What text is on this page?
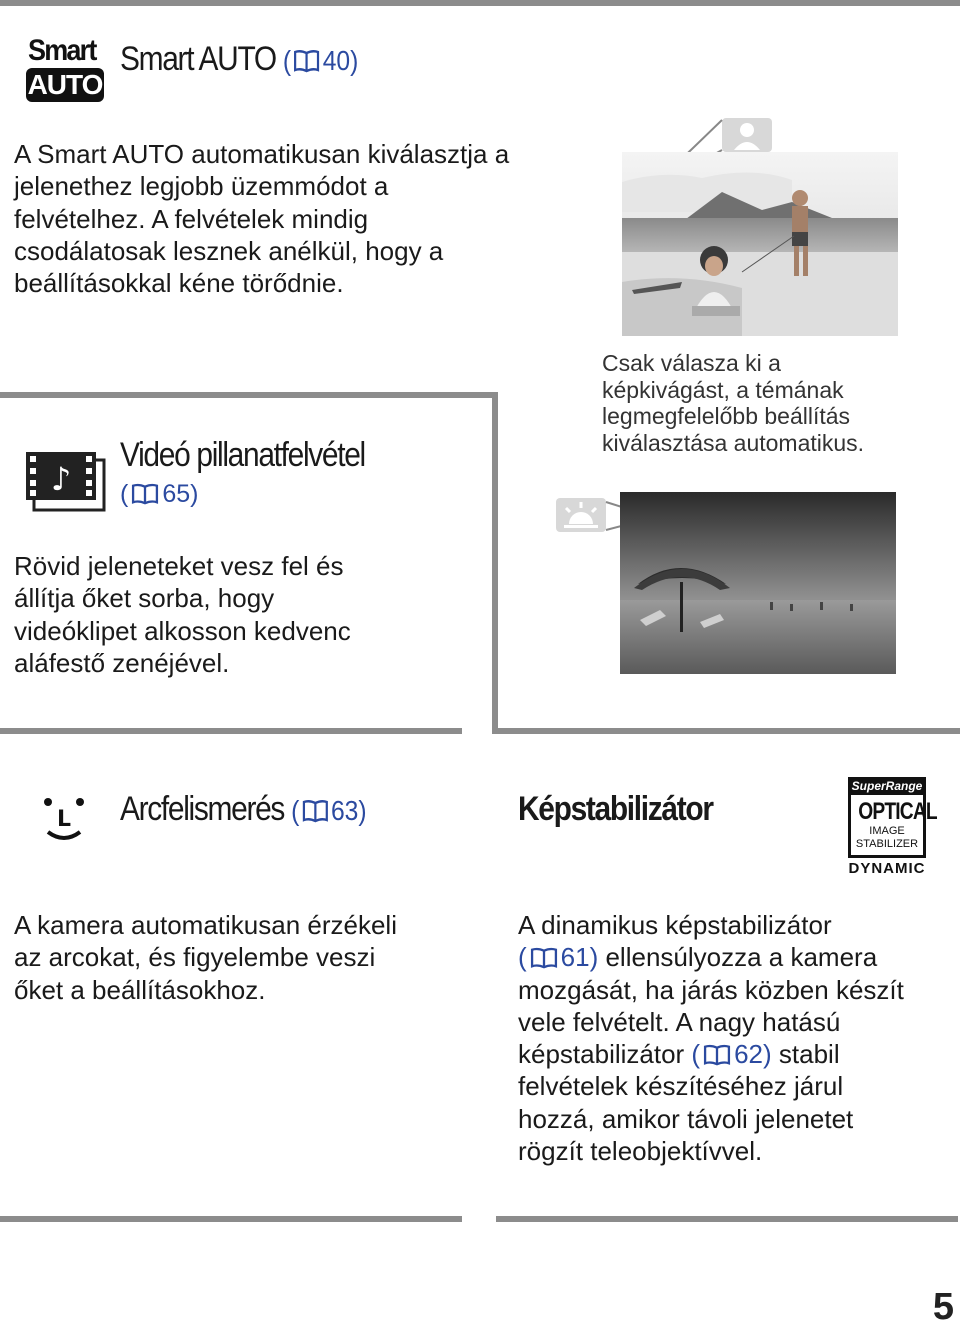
Smart
AUTO
Smart AUTO ( 40)
A Smart AUTO automatikusan kiválasztja a
jelenethez legjobb üzemmódot a
felvételhez. A felvételek mindig
csodálatosak lesznek anélkül, hogy a
beállításokkal kéne törődnie.
Csak válasza ki a
képkivágást, a témának
legmegfelelőbb beállítás
kiválasztása automatikus.
♪
Videó pillanatfelvétel
( 65)
Rövid jeleneteket vesz fel és
állítja őket sorba, hogy
videóklipet alkosson kedvenc
aláfestő zenéjével.
L Arcfelismerés ( 63)
A kamera automatikusan érzékeli
az arcokat, és figyelembe veszi
őket a beállításokhoz.
Képstabilizátor
SuperRange
OPTICAL
IMAGE
STABILIZER
DYNAMIC
A dinamikus képstabilizátor
( 61) ellensúlyozza a kamera
mozgását, ha járás közben készít
vele felvételt. A nagy hatású
képstabilizátor ( 62) stabil
felvételek készítéséhez járul
hozzá, amikor távoli jelenetet
rögzít teleobjektívvel.
5
